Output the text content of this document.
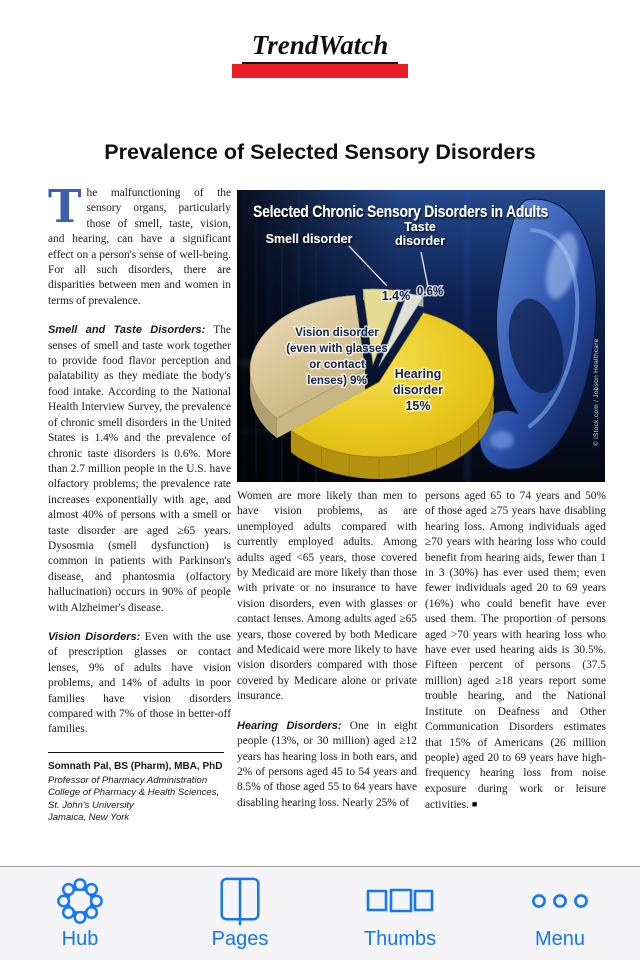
TrendWatch
Prevalence of Selected Sensory Disorders

The malfunctioning of the sensory organs, particularly those of smell, taste, vision, and hearing, can have a significant effect on a person's sense of well-being. For all such disorders, there are disparities between men and women in terms of prevalence.

Smell and Taste Disorders: The senses of smell and taste work together to provide food flavor perception and palatability as they mediate the body's food intake. According to the National Health Interview Survey, the prevalence of chronic smell disorders in the United States is 1.4% and the prevalence of chronic taste disorders is 0.6%. More than 2.7 million people in the U.S. have olfactory problems; the prevalence rate increases exponentially with age, and almost 40% of persons with a smell or taste disorder are aged ≥65 years. Dysosmia (smell dysfunction) is common in patients with Parkinson's disease, and phantosmia (olfactory hallucination) occurs in 90% of people with Alzheimer's disease.

Vision Disorders: Even with the use of prescription glasses or contact lenses, 9% of adults have vision problems, and 14% of adults in poor families have vision disorders compared with 7% of those in better-off families.

Somnath Pal, BS (Pharm), MBA, PhD
Professor of Pharmacy Administration
College of Pharmacy & Health Sciences,
St. John's University
Jamaica, New York
Selected Chronic Sensory Disorders in Adults
Smell disorder
Taste
disorder
1.4% 0.6%
Vision disorder
(even with glasses
or contact
lenses) 9% Hearing
disorder
15%	© iStock.com / Jobson Healthcare

Women are more likely than men to have vision problems, as are unemployed adults compared with currently employed adults. Among adults aged <65 years, those covered by Medicaid are more likely than those with private or no insurance to have vision disorders, even with glasses or contact lenses. Among adults aged ≥65 years, those covered by both Medicare and Medicaid were more likely to have vision disorders compared with those covered by Medicare alone or private insurance.

Hearing Disorders: One in eight people (13%, or 30 million) aged ≥12 years has hearing loss in both ears, and 2% of persons aged 45 to 54 years and 8.5% of those aged 55 to 64 years have disabling hearing loss. Nearly 25% of

persons aged 65 to 74 years and 50% of those aged ≥75 years have disabling hearing loss. Among individuals aged ≥70 years with hearing loss who could benefit from hearing aids, fewer than 1 in 3 (30%) has ever used them; even fewer individuals aged 20 to 69 years (16%) who could benefit have ever used them. The proportion of persons aged >70 years with hearing loss who have ever used hearing aids is 30.5%. Fifteen percent of persons (37.5 million) aged ≥18 years report some trouble hearing, and the National Institute on Deafness and Other Communication Disorders estimates that 15% of Americans (26 million people) aged 20 to 69 years have high-frequency hearing loss from noise exposure during work or leisure activities. ■

Hub	Pages	Thumbs	Menu
